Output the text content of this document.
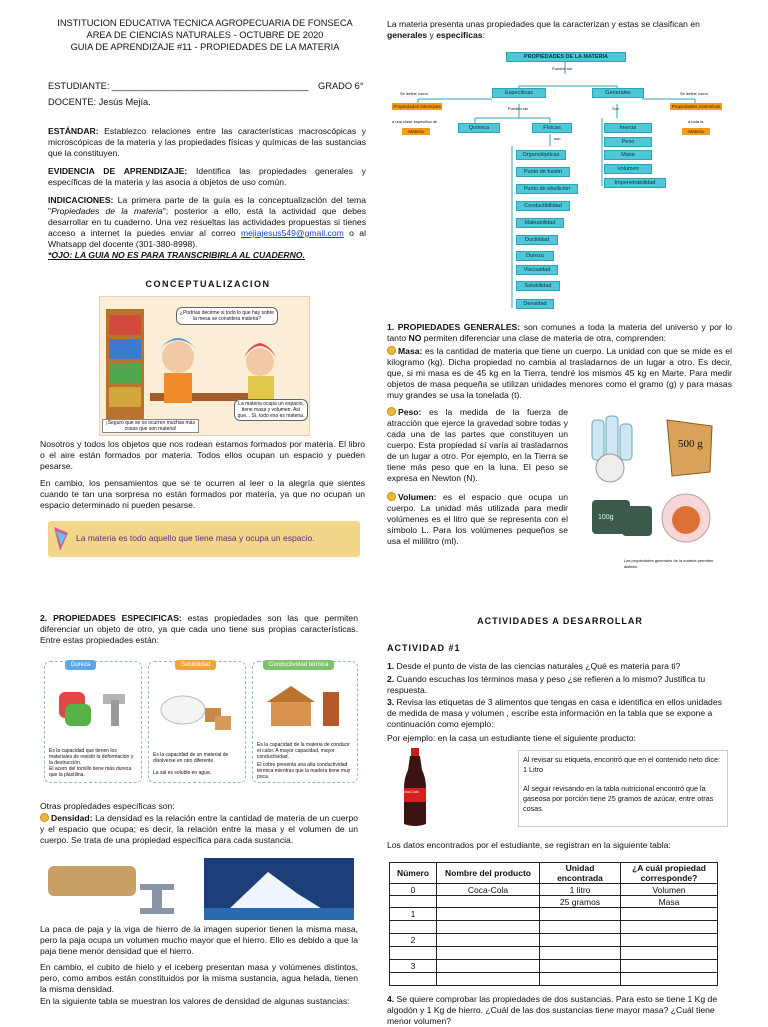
INSTITUCION EDUCATIVA TECNICA AGROPECUARIA DE FONSECA
AREA DE CIENCIAS NATURALES - OCTUBRE DE 2020
GUIA DE APRENDIZAJE #11 - PROPIEDADES DE LA MATERIA
ESTUDIANTE: ______________________________________ GRADO 6°
DOCENTE: Jesús Mejía.
ESTÁNDAR: Establezco relaciones entre las características macroscópicas y microscópicas de la materia y las propiedades físicas y químicas de las sustancias que la constituyen.
EVIDENCIA DE APRENDIZAJE: Identifica las propiedades generales y específicas de la materia y las asocia a objetos de uso común.
INDICACIONES: La primera parte de la guía es la conceptualización del tema "Propiedades de la materia"; posterior a ello, está la actividad que debes desarrollar en tu cuaderno. Una vez resueltas las actividades propuestas si tienes acceso a internet la puedes enviar al correo mejiajesus549@gmail.com o al Whatsapp del docente (301-380-8998).
*OJO: LA GUIA NO ES PARA TRANSCRIBIRLA AL CUADERNO.
CONCEPTUALIZACION
¿Podrías decirme si todo lo que hay sobre la mesa se considera materia?
La materia ocupa un espacio, tiene masa y volumen. Así que... Sí, todo eso es materia.
¡Seguro que se os ocurren muchas más cosas que son materia!
Nosotros y todos los objetos que nos rodean estamos formados por materia. El libro o el aire están formados por materia. Todos ellos ocupan un espacio y pueden pesarse.
En cambio, los pensamientos que se te ocurren al leer o la alegría que sientes cuando te tan una sorpresa no están formados por materia, ya que no ocupan un espacio determinado ni pueden pesarse.
La materia es todo aquello que tiene masa y ocupa un espacio.
La materia presenta unas propiedades que la caracterizan y estas se clasifican en generales y específicas:
PROPIEDADES DE LA MATERIA
Pueden ser
Específicas	Generales
Se define como	Se define como
Propiedades intensivas	Propiedades extensivas
Pueden ser	Son
a una clase específica de	a toda la
Materia	Materia
Química	Físicas
son
Inercia
Peso
Masa
Volumen
Impenetrabilidad
Organolépticas
Punto de fusión
Punto de ebullición
Conductibilidad
Maleabilidad
Ductilidad
Dureza
Viscosidad
Solubilidad
Densidad
1. PROPIEDADES GENERALES: son comunes a toda la materia del universo y por lo tanto NO permiten diferenciar una clase de materia de otra, comprenden:
Masa: es la cantidad de materia que tiene un cuerpo. La unidad con que se mide es el kilogramo (kg). Dicha propiedad no cambia al trasladarnos de un lugar a otro. Es decir, que, si mi masa es de 45 kg en la Tierra, tendré los mismos 45 kg en Marte. Para medir objetos de masa pequeña se utilizan unidades menores como el gramo (g) y para masas muy grandes se usa la tonelada (t).
Peso: es la medida de la fuerza de atracción que ejerce la gravedad sobre todas y cada una de las partes que constituyen un cuerpo. Esta propiedad sí varía al trasladarnos de un lugar a otro. Por ejemplo, en la Tierra se tiene más peso que en la luna. El peso se expresa en Newton (N).
Volumen: es el espacio que ocupa un cuerpo. La unidad más utilizada para medir volúmenes es el litro que se representa con el símbolo L. Para los volúmenes pequeños se usa el mililitro (ml).
500 g
100g
Las propiedades generales de la materia permiten distinta.
2. PROPIEDADES ESPECIFICAS: estas propiedades son las que permiten diferenciar un objeto de otro, ya que cada uno tiene sus propias características. Entre estas propiedades están:
Dureza
Es la capacidad que tienen los materiales de resistir la deformación y la destrucción.
El acero del tornillo tiene más dureza que la plastilina.
Solubilidad
Es la capacidad de un material de disolverse en otro diferente.
La sal es soluble en agua.
Conductividad térmica
Es la capacidad de la materia de conducir el calor. A mayor capacidad, mayor conductividad.
El cobre presenta una alta conductividad térmica mientras que la madera tiene muy poca.
Otras propiedades específicas son:
Densidad: La densidad es la relación entre la cantidad de materia de un cuerpo y el espacio que ocupa; es decir, la relación entre la masa y el volumen de un cuerpo. Se trata de una propiedad específica para cada sustancia.
La paca de paja y la viga de hierro de la imagen superior tienen la misma masa, pero la paja ocupa un volumen mucho mayor que el hierro. Ello es debido a que la paja tiene menor densidad que el hierro.
En cambio, el cubito de hielo y el iceberg presentan masa y volúmenes distintos, pero, como ambos están constituidos por la misma sustancia, agua helada, tienen la misma densidad.
En la siguiente tabla se muestran los valores de densidad de algunas sustancias:
ACTIVIDADES A DESARROLLAR
ACTIVIDAD #1
1. Desde el punto de vista de las ciencias naturales ¿Qué es materia para ti?
2. Cuando escuchas los términos masa y peso ¿se refieren a lo mismo? Justifica tu respuesta.
3. Revisa las etiquetas de 3 alimentos que tengas en casa e identifica en ellos unidades de medida de masa y volumen , escribe esta información en la tabla que se expone a continuación como ejemplo:
Por ejemplo: en la casa un estudiante tiene el siguiente producto:
Coca-Cola
Al revisar su etiqueta, encontró que en el contenido neto dice: 1 Litro
Al seguir revisando en la tabla nutricional encontró que la gaseosa por porción tiene 25 gramos de azúcar, entre otras cosas.
Los datos encontrados por el estudiante, se registran en la siguiente tabla:
Número	Nombre del producto	Unidad encontrada	¿A cuál propiedad corresponde?
0	Coca-Cola	1 litro	Volumen
		25 gramos	Masa
1			

2			

3			

4. Se quiere comprobar las propiedades de dos sustancias. Para esto se tiene 1 Kg de algodón y 1 Kg de hierro. ¿Cuál de las dos sustancias tiene mayor masa? ¿Cuál tiene menor volumen?
